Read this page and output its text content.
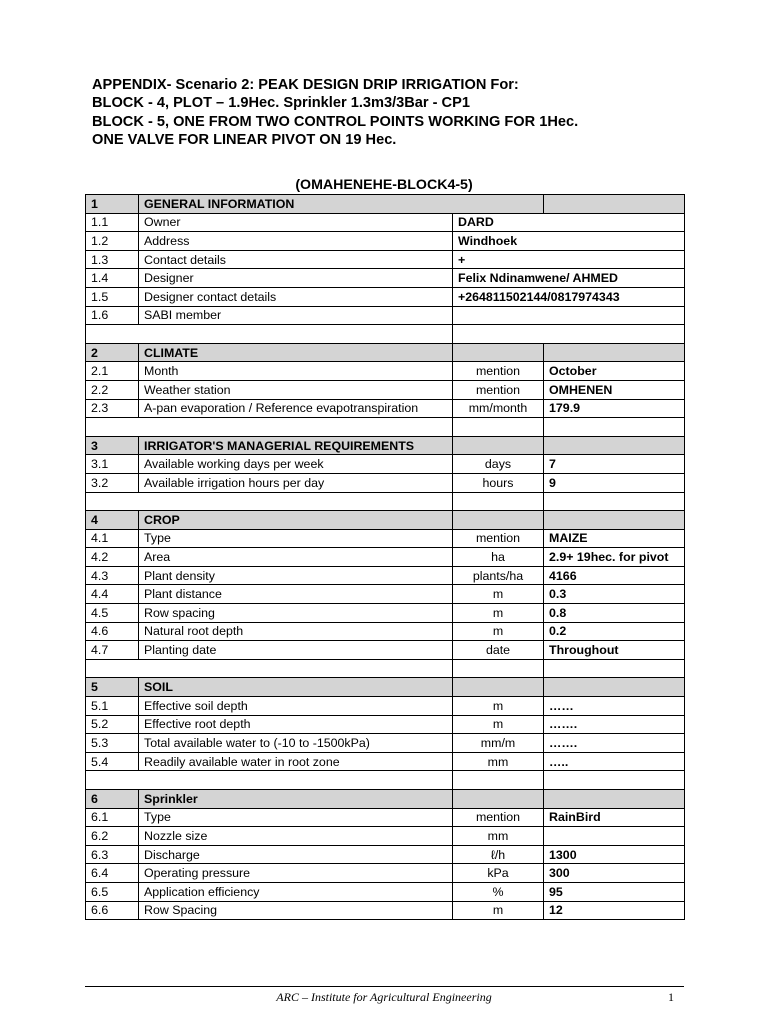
APPENDIX- Scenario 2: PEAK DESIGN DRIP IRRIGATION For:
BLOCK - 4, PLOT – 1.9Hec. Sprinkler 1.3m3/3Bar - CP1
BLOCK - 5, ONE FROM TWO CONTROL POINTS WORKING FOR 1Hec.
ONE VALVE FOR LINEAR PIVOT ON 19 Hec.
(OMAHENEHE-BLOCK4-5)
1	GENERAL INFORMATION		
1.1	Owner	DARD	
1.2	Address	Windhoek	
1.3	Contact details	+	
1.4	Designer	Felix Ndinamwene/ AHMED	
1.5	Designer contact details	+264811502144/0817974343	
1.6	SABI member		

2	CLIMATE		
2.1	Month	mention	October
2.2	Weather station	mention	OMHENEN
2.3	A-pan evaporation / Reference evapotranspiration	mm/month	179.9

3	IRRIGATOR'S MANAGERIAL REQUIREMENTS		
3.1	Available working days per week	days	7
3.2	Available irrigation hours per day	hours	9

4	CROP		
4.1	Type	mention	MAIZE
4.2	Area	ha	2.9+ 19hec. for pivot
4.3	Plant density	plants/ha	4166
4.4	Plant distance	m	0.3
4.5	Row spacing	m	0.8
4.6	Natural root depth	m	0.2
4.7	Planting date	date	Throughout

5	SOIL		
5.1	Effective soil depth	m	……
5.2	Effective root depth	m	…….
5.3	Total available water to (-10 to -1500kPa)	mm/m	…….
5.4	Readily available water in root zone	mm	…..

6	Sprinkler		
6.1	Type	mention	RainBird
6.2	Nozzle size	mm	
6.3	Discharge	ℓ/h	1300
6.4	Operating pressure	kPa	300
6.5	Application efficiency	%	95
6.6	Row Spacing	m	12
ARC – Institute for Agricultural Engineering	1
